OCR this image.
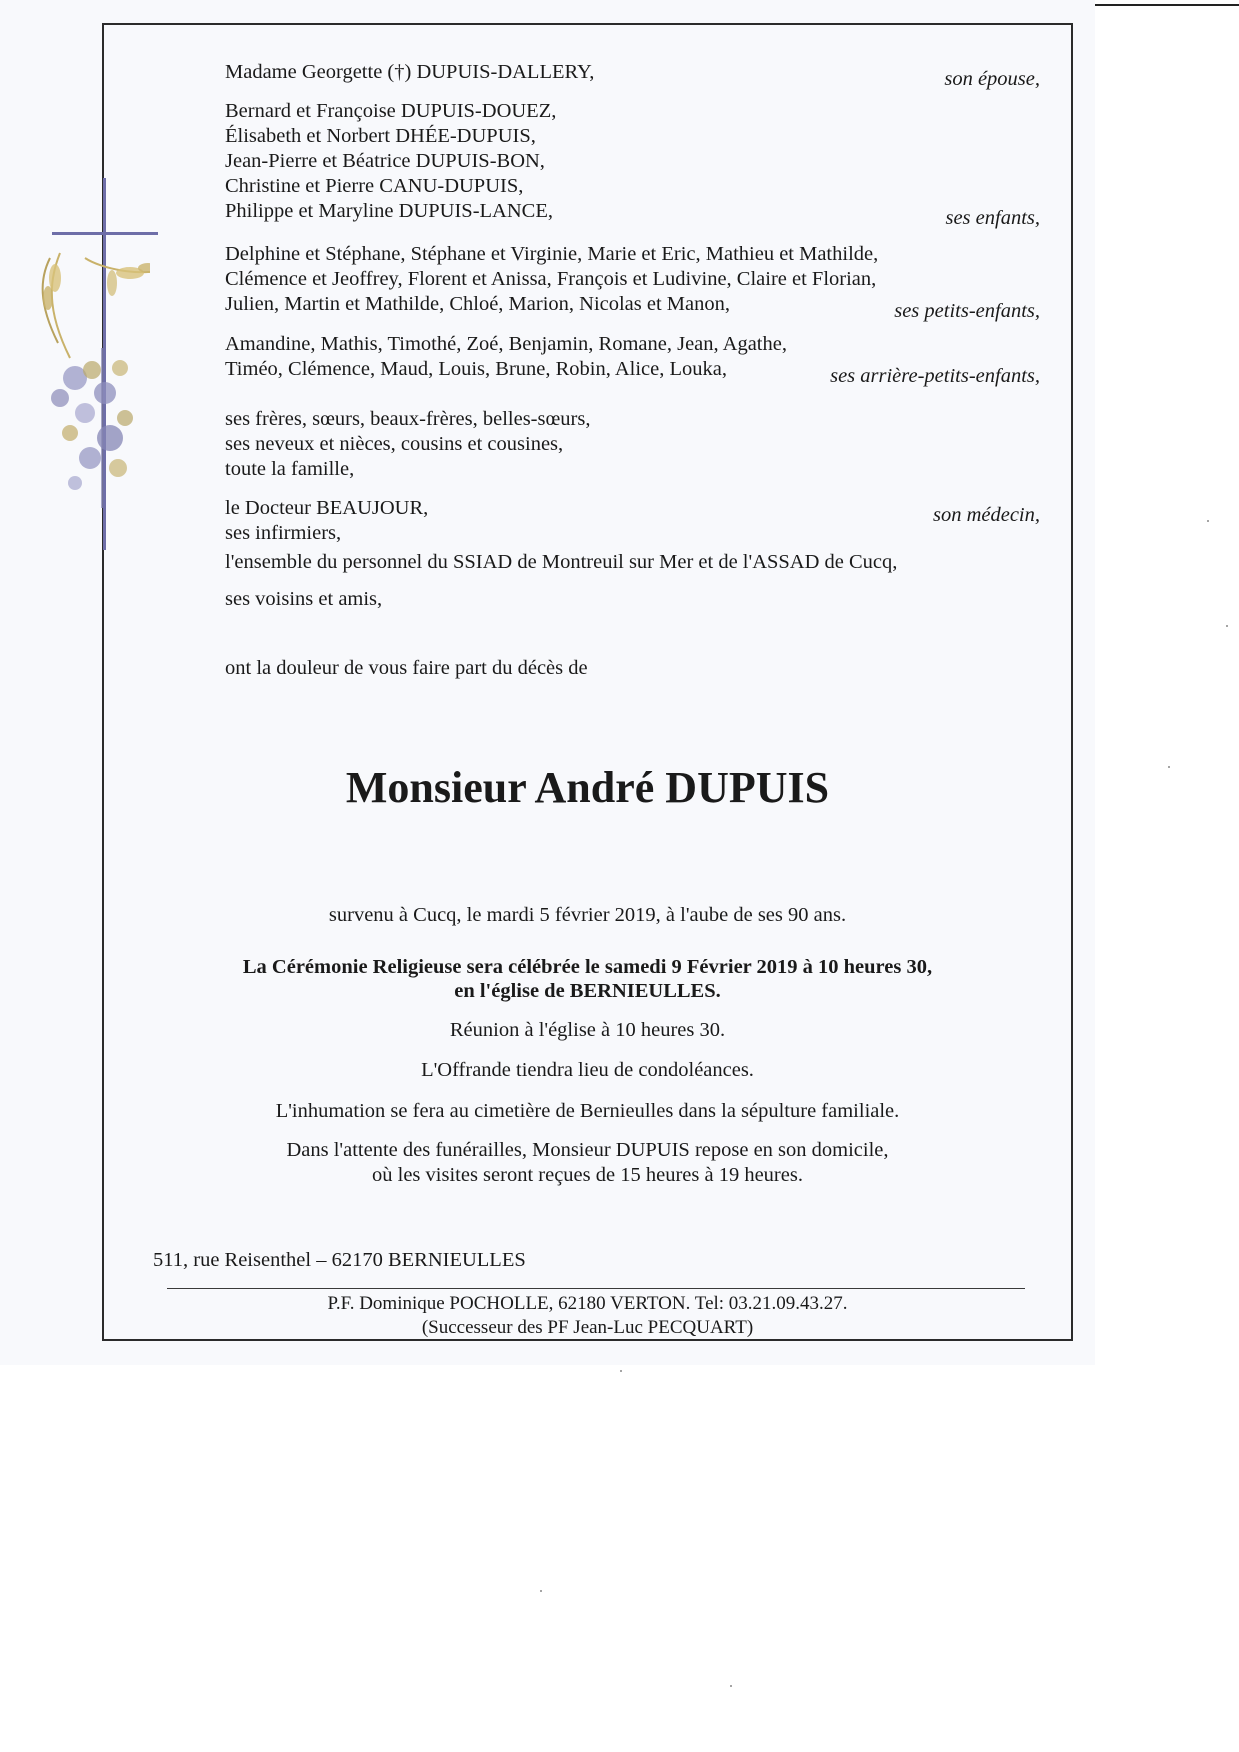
Madame Georgette (†) DUPUIS-DALLERY,	son épouse,
Bernard et Françoise DUPUIS-DOUEZ,
Élisabeth et Norbert DHÉE-DUPUIS,
Jean-Pierre et Béatrice DUPUIS-BON,
Christine et Pierre CANU-DUPUIS,
Philippe et Maryline DUPUIS-LANCE,	ses enfants,
Delphine et Stéphane, Stéphane et Virginie, Marie et Eric, Mathieu et Mathilde,
Clémence et Jeoffrey, Florent et Anissa, François et Ludivine, Claire et Florian,
Julien, Martin et Mathilde, Chloé, Marion, Nicolas et Manon,	ses petits-enfants,
Amandine, Mathis, Timothé, Zoé, Benjamin, Romane, Jean, Agathe,
Timéo, Clémence, Maud, Louis, Brune, Robin, Alice, Louka,	ses arrière-petits-enfants,
ses frères, sœurs, beaux-frères, belles-sœurs,
ses neveux et nièces, cousins et cousines,
toute la famille,
le Docteur BEAUJOUR,	son médecin,
ses infirmiers,
l'ensemble du personnel du SSIAD de Montreuil sur Mer et de l'ASSAD de Cucq,
ses voisins et amis,
ont la douleur de vous faire part du décès de
Monsieur André DUPUIS
survenu à Cucq, le mardi 5 février 2019, à l'aube de ses 90 ans.
La Cérémonie Religieuse sera célébrée le samedi 9 Février 2019 à 10 heures 30,
en l'église de BERNIEULLES.
Réunion à l'église à 10 heures 30.
L'Offrande tiendra lieu de condoléances.
L'inhumation se fera au cimetière de Bernieulles dans la sépulture familiale.
Dans l'attente des funérailles, Monsieur DUPUIS repose en son domicile,
où les visites seront reçues de 15 heures à 19 heures.
511, rue Reisenthel – 62170 BERNIEULLES
P.F. Dominique POCHOLLE, 62180 VERTON. Tel: 03.21.09.43.27.
(Successeur des PF Jean-Luc PECQUART)
